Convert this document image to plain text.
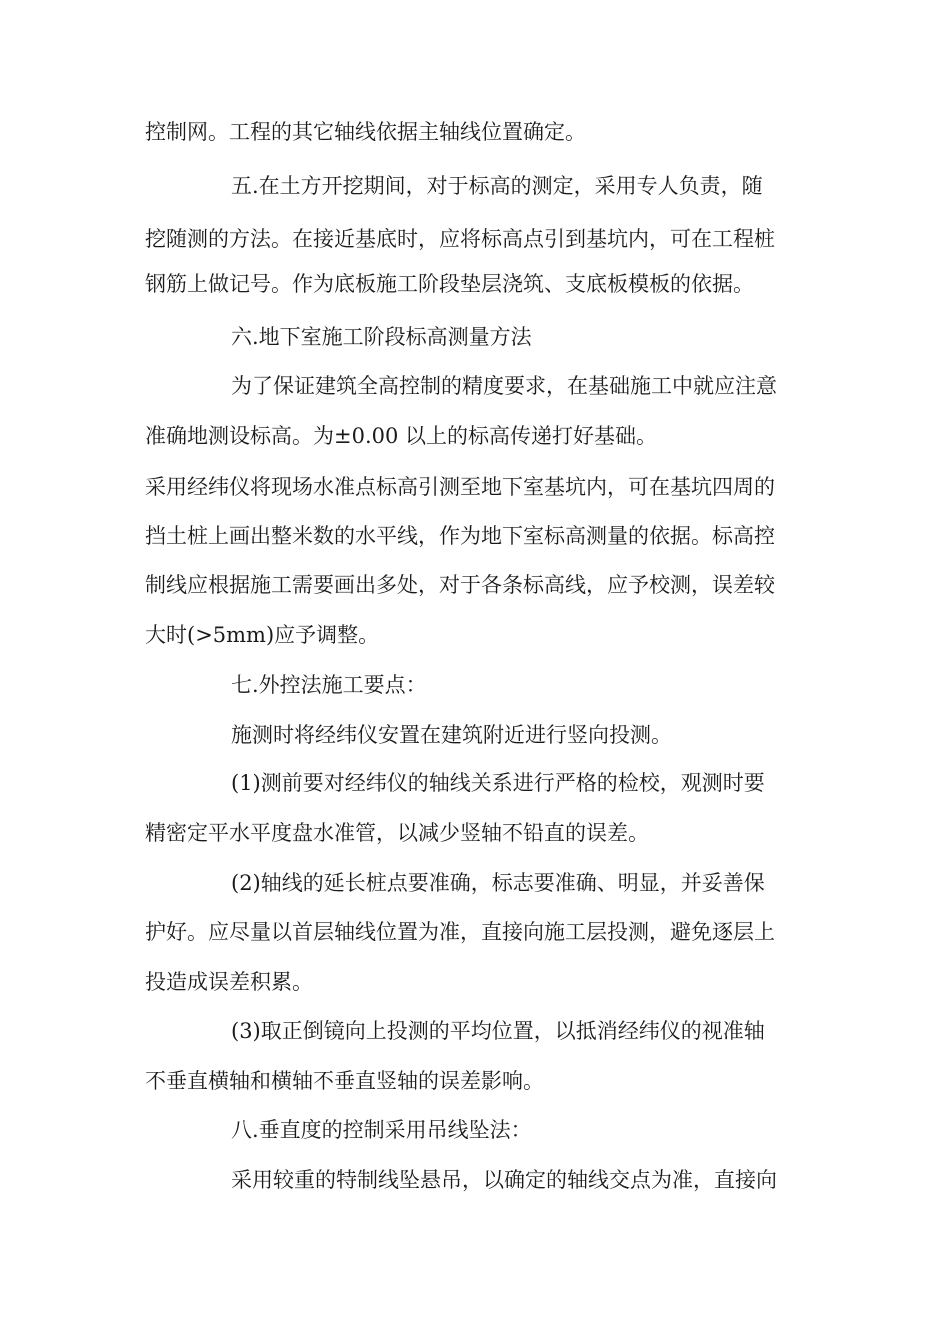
控制网。工程的其它轴线依据主轴线位置确定。
五.在土方开挖期间，对于标高的测定，采用专人负责，随
挖随测的方法。在接近基底时，应将标高点引到基坑内，可在工程桩
钢筋上做记号。作为底板施工阶段垫层浇筑、支底板模板的依据。
六.地下室施工阶段标高测量方法
为了保证建筑全高控制的精度要求，在基础施工中就应注意
准确地测设标高。为±0.00 以上的标高传递打好基础。
采用经纬仪将现场水准点标高引测至地下室基坑内，可在基坑四周的
挡土桩上画出整米数的水平线，作为地下室标高测量的依据。标高控
制线应根据施工需要画出多处，对于各条标高线，应予校测，误差较
大时(>5mm)应予调整。
七.外控法施工要点：
施测时将经纬仪安置在建筑附近进行竖向投测。
(1)测前要对经纬仪的轴线关系进行严格的检校，观测时要
精密定平水平度盘水准管，以减少竖轴不铅直的误差。
(2)轴线的延长桩点要准确，标志要准确、明显，并妥善保
护好。应尽量以首层轴线位置为准，直接向施工层投测，避免逐层上
投造成误差积累。
(3)取正倒镜向上投测的平均位置，以抵消经纬仪的视准轴
不垂直横轴和横轴不垂直竖轴的误差影响。
八.垂直度的控制采用吊线坠法：
采用较重的特制线坠悬吊，以确定的轴线交点为准，直接向
